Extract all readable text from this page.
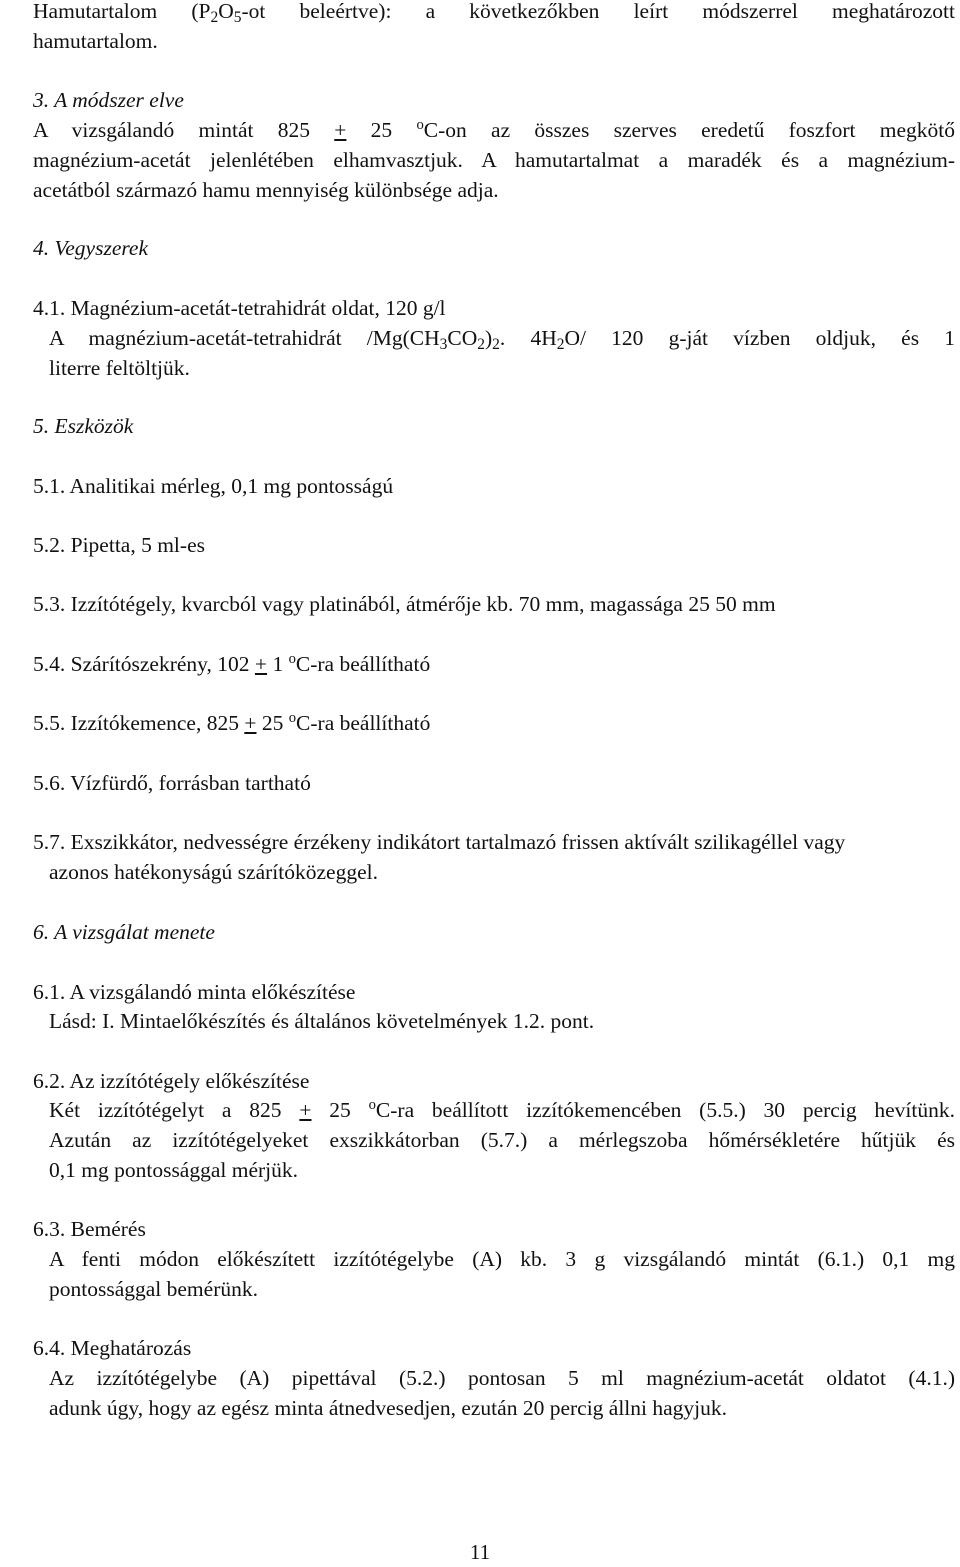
Hamutartalom ($P_2O_5-ot$ beleértve): a következőkben leírt módszerrel meghatározott
hamutartalom.
3. A módszer elve
A vizsgálandó mintát 825 + 25 $^o$C-on az összes szerves eredetű foszfort megkötő
magnézium-acetát jelenlétében elhamvasztjuk. A hamutartalmat a maradék és a magnézium-
acetátból származó hamu mennyiség különbsége adja.
4. Vegyszerek
4.1. Magnézium-acetát-tetrahidrát oldat, 120 g/l
A magnézium-acetát-tetrahidrát $/Mg(CH_3CO_2)_2$. $4H_2O/$ 120 g-ját vízben oldjuk, és 1
literre feltöltjük.
5. Eszközök
5.1. Analitikai mérleg, 0,1 mg pontosságú
5.2. Pipetta, 5 ml-es
5.3. Izzítótégely, kvarcból vagy platinából, átmérője kb. 70 mm, magassága 25 50 mm
5.4. Szárítószekrény, 102 + 1 $^o$C-ra beállítható
5.5. Izzítókemence, 825 + 25 $^o$C-ra beállítható
5.6. Vízfürdő, forrásban tartható
5.7. Exszikkátor, nedvességre érzékeny indikátort tartalmazó frissen aktívált szilikagéllel vagy
azonos hatékonyságú szárítóközeggel.
6. A vizsgálat menete
6.1. A vizsgálandó minta előkészítése
Lásd: I. Mintaelőkészítés és általános követelmények 1.2. pont.
6.2. Az izzítótégely előkészítése
Két izzítótégelyt a 825 + 25 $^o$C-ra beállított izzítókemencében (5.5.) 30 percig hevítünk.
Azután az izzítótégelyeket exszikkátorban (5.7.) a mérlegszoba hőmérsékletére hűtjük és
0,1 mg pontossággal mérjük.
6.3. Bemérés
A fenti módon előkészített izzítótégelybe (A) kb. 3 g vizsgálandó mintát (6.1.) 0,1 mg
pontossággal bemérünk.
6.4. Meghatározás
Az izzítótégelybe (A) pipettával (5.2.) pontosan 5 ml magnézium-acetát oldatot (4.1.)
adunk úgy, hogy az egész minta átnedvesedjen, ezután 20 percig állni hagyjuk.
11
